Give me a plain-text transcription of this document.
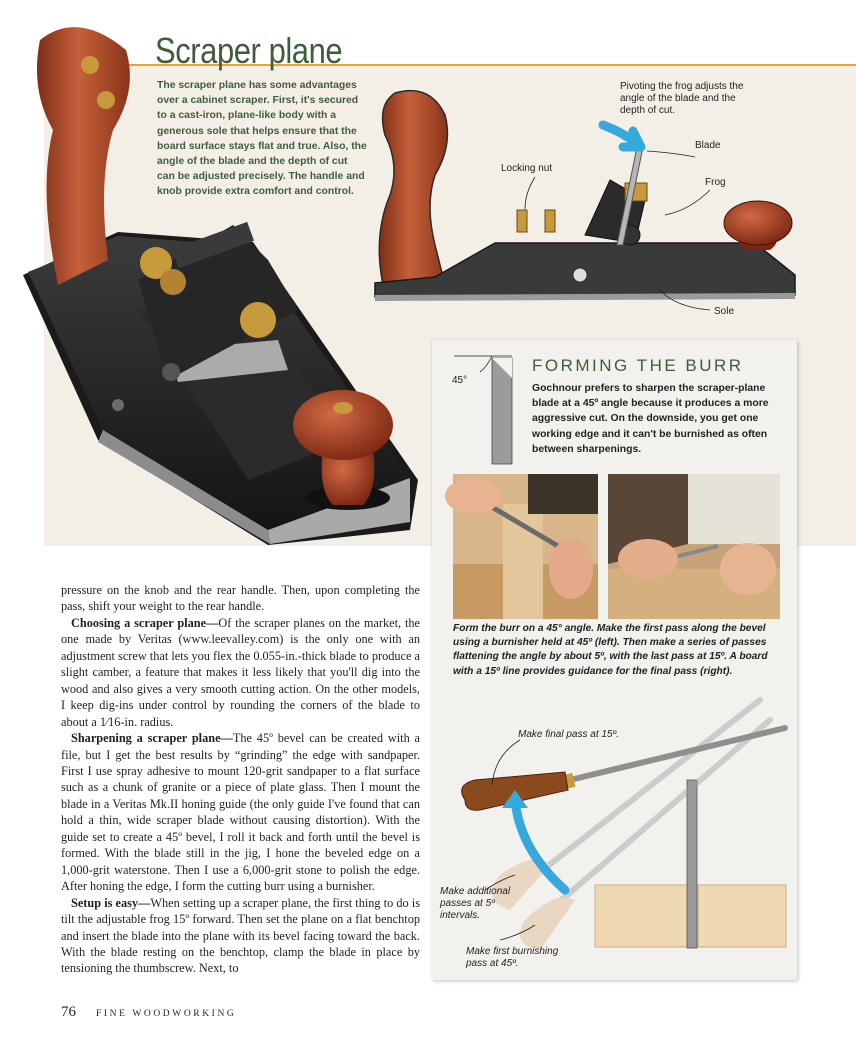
Scraper plane
The scraper plane has some advantages over a cabinet scraper. First, it's secured to a cast-iron, plane-like body with a generous sole that helps ensure that the board surface stays flat and true. Also, the angle of the blade and the depth of cut can be adjusted precisely. The handle and knob provide extra comfort and control.
Pivoting the frog adjusts the angle of the blade and the depth of cut.
Blade
Locking nut
Frog
Sole
45°
FORMING THE BURR
Gochnour prefers to sharpen the scraper-plane blade at a 45º angle because it produces a more aggressive cut. On the downside, you get one working edge and it can't be burnished as often between sharpenings.
Form the burr on a 45° angle. Make the first pass along the bevel using a burnisher held at 45º (left). Then make a series of passes flattening the angle by about 5º, with the last pass at 15º. A board with a 15º line provides guidance for the final pass (right).
Make final pass at 15º.
Make additional passes at 5º intervals.
Make first burnishing pass at 45º.

pressure on the knob and the rear handle. Then, upon completing the pass, shift your weight to the rear handle.

Choosing a scraper plane—Of the scraper planes on the market, the one made by Veritas (www.leevalley.com) is the only one with an adjustment screw that lets you flex the 0.055-in.-thick blade to produce a slight camber, a feature that makes it less likely that you'll dig into the wood and also gives a very smooth cutting action. On the other models, I keep dig-ins under control by rounding the corners of the blade to about a 1⁄16-in. radius.

Sharpening a scraper plane—The 45º bevel can be created with a file, but I get the best results by “grinding” the edge with sandpaper. First I use spray adhesive to mount 120-grit sandpaper to a flat surface such as a chunk of granite or a piece of plate glass. Then I mount the blade in a Veritas Mk.II honing guide (the only guide I've found that can hold a thin, wide scraper blade without causing distortion). With the guide set to create a 45º bevel, I roll it back and forth until the bevel is formed. With the blade still in the jig, I hone the beveled edge on a 1,000-grit waterstone. Then I use a 6,000-grit stone to polish the edge. After honing the edge, I form the cutting burr using a burnisher.

Setup is easy—When setting up a scraper plane, the first thing to do is tilt the adjustable frog 15º forward. Then set the plane on a flat benchtop and insert the blade into the plane with its bevel facing toward the back. With the blade resting on the benchtop, clamp the blade in place by tensioning the thumbscrew. Next, to

76 FINE WOODWORKING
